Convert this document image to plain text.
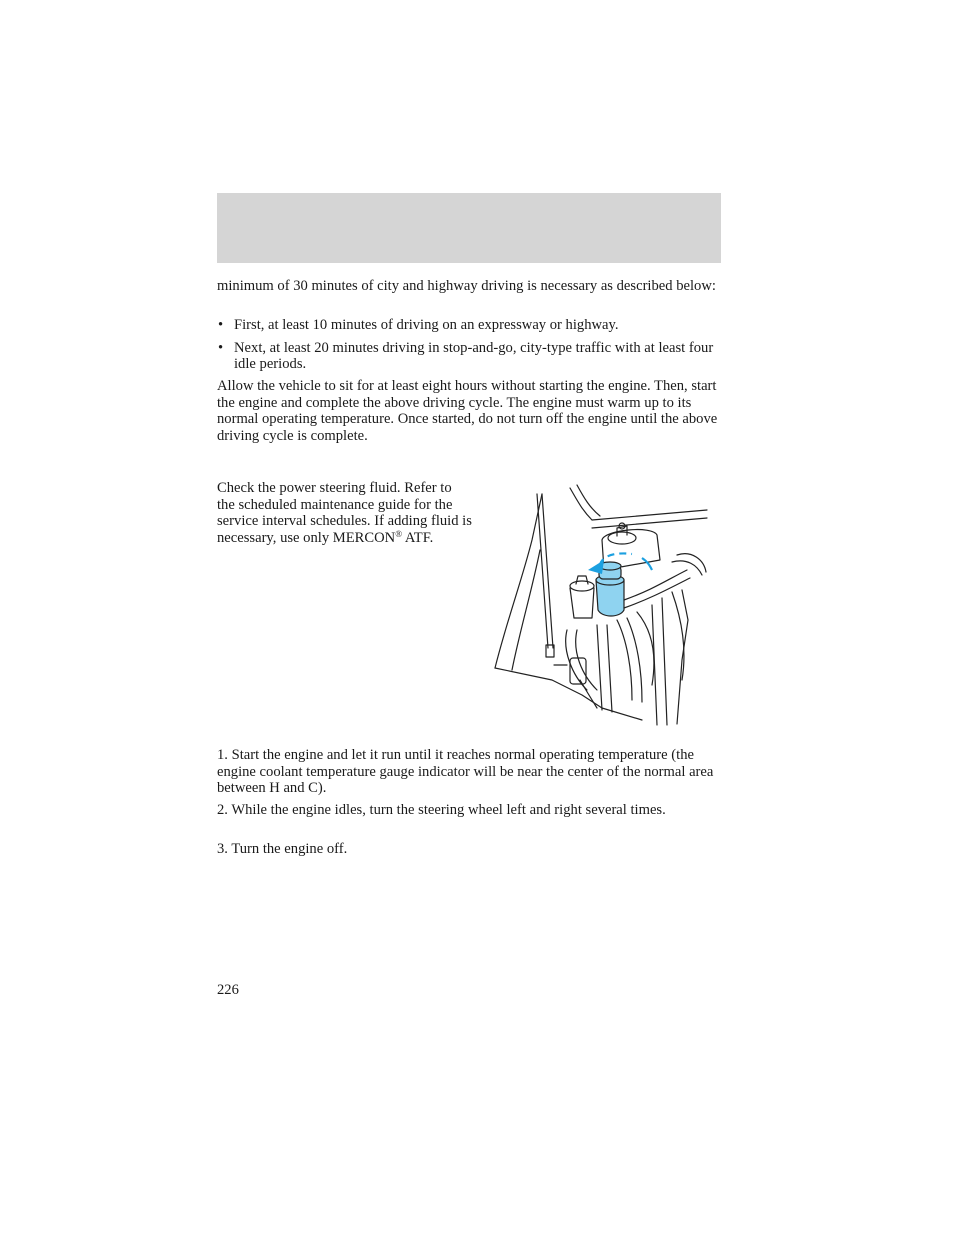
minimum of 30 minutes of city and highway driving is necessary as described below:

• First, at least 10 minutes of driving on an expressway or highway.
• Next, at least 20 minutes driving in stop-and-go, city-type traffic with at least four idle periods.

Allow the vehicle to sit for at least eight hours without starting the engine. Then, start the engine and complete the above driving cycle. The engine must warm up to its normal operating temperature. Once started, do not turn off the engine until the above driving cycle is complete.

Check the power steering fluid. Refer to the scheduled maintenance guide for the service interval schedules. If adding fluid is necessary, use only MERCON® ATF.

1. Start the engine and let it run until it reaches normal operating temperature (the engine coolant temperature gauge indicator will be near the center of the normal area between H and C).

2. While the engine idles, turn the steering wheel left and right several times.

3. Turn the engine off.

226
